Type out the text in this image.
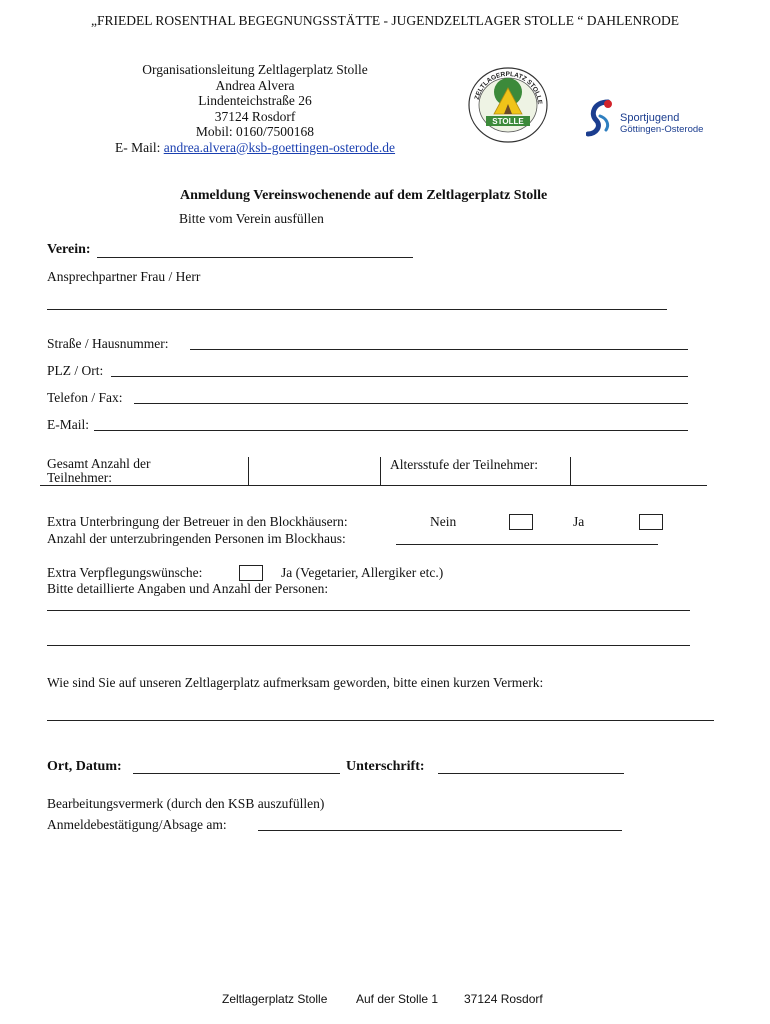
„FRIEDEL ROSENTHAL BEGEGNUNGSSTÄTTE - JUGENDZELTLAGER STOLLE “ DAHLENRODE
Organisationsleitung Zeltlagerplatz Stolle
Andrea Alvera
Lindenteichstraße 26
37124 Rosdorf
Mobil: 0160/7500168
E- Mail: andrea.alvera@ksb-goettingen-osterode.de
ZELTLAGERPLATZ STOLLE
STOLLE	Sportjugend
Göttingen-Osterode
Anmeldung Vereinswochenende auf dem Zeltlagerplatz Stolle
Bitte vom Verein ausfüllen
Verein:
Ansprechpartner Frau / Herr
Straße / Hausnummer:
PLZ / Ort:
Telefon / Fax:
E-Mail:
Gesamt Anzahl der
Teilnehmer:
Altersstufe der Teilnehmer:
Extra Unterbringung der Betreuer in den Blockhäusern:	Nein	Ja
Anzahl der unterzubringenden Personen im Blockhaus:
Extra Verpflegungswünsche:	Ja (Vegetarier, Allergiker etc.)
Bitte detaillierte Angaben und Anzahl der Personen:
Wie sind Sie auf unseren Zeltlagerplatz aufmerksam geworden, bitte einen kurzen Vermerk:
Ort, Datum:	Unterschrift:
Bearbeitungsvermerk (durch den KSB auszufüllen)
Anmeldebestätigung/Absage am:
Zeltlagerplatz Stolle Auf der Stolle 1 37124 Rosdorf
